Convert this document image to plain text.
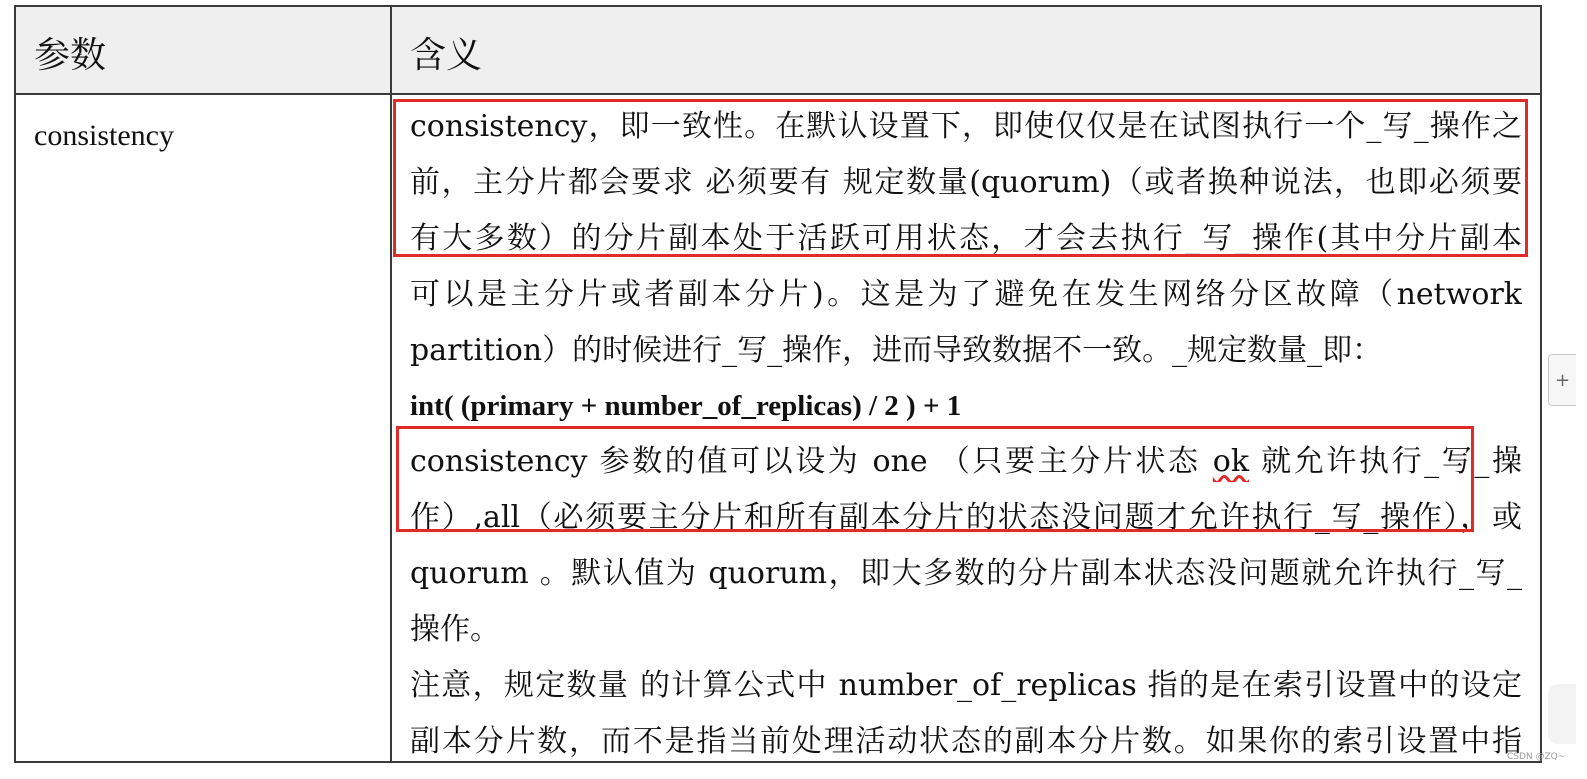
参数	含义
consistency	consistency，即一致性。在默认设置下，即使仅仅是在试图执行一个_写_操作之
前，主分片都会要求 必须要有 规定数量(quorum)（或者换种说法，也即必须要
有大多数）的分片副本处于活跃可用状态，才会去执行_写_操作(其中分片副本
可以是主分片或者副本分片)。这是为了避免在发生网络分区故障（network
partition）的时候进行_写_操作，进而导致数据不一致。_规定数量_即：
int( (primary + number_of_replicas) / 2 ) + 1
consistency 参数的值可以设为 one （只要主分片状态 ok 就允许执行_写_操
作）,all（必须要主分片和所有副本分片的状态没问题才允许执行_写_操作），或
quorum 。默认值为 quorum，即大多数的分片副本状态没问题就允许执行_写_
操作。
注意，规定数量 的计算公式中 number_of_replicas 指的是在索引设置中的设定
副本分片数，而不是指当前处理活动状态的副本分片数。如果你的索引设置中指
+
CSDN @ZQ~
